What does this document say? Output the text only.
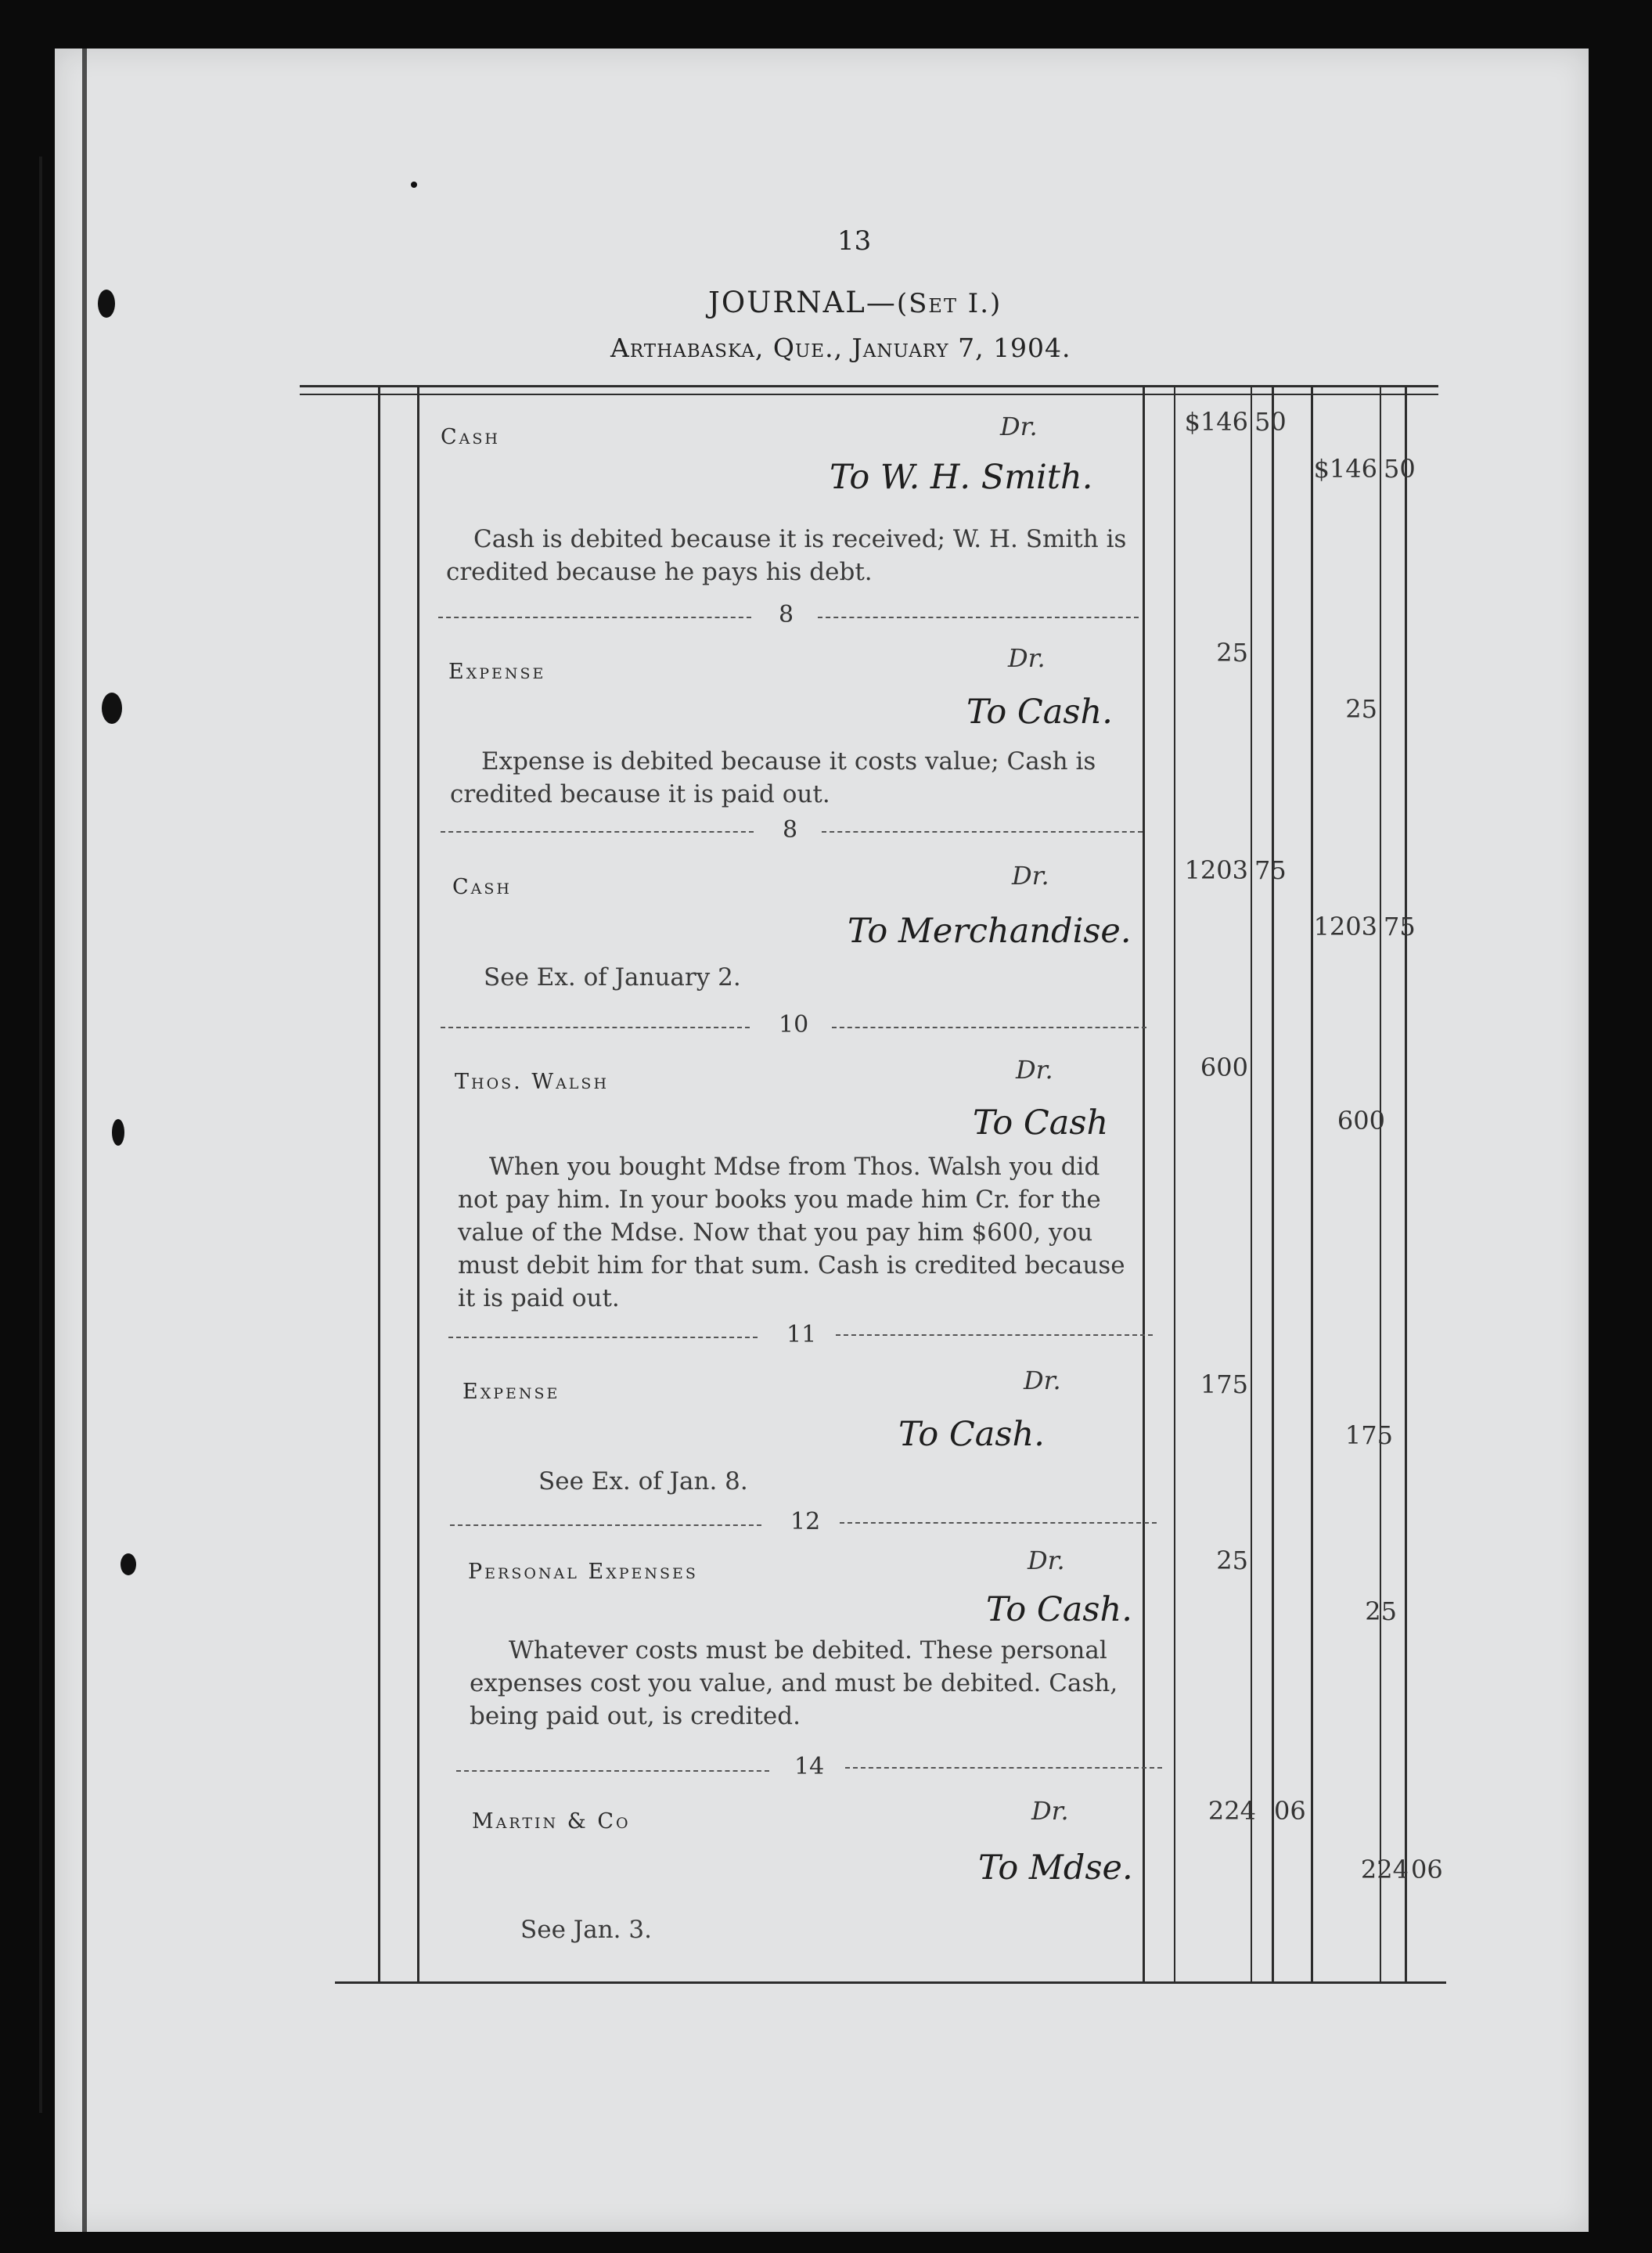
13
JOURNAL—(Set I.)
Arthabaska, Que., January 7, 1904.
Cash	Dr.	$146 50
To W. H. Smith.	$146 50
Cash is debited because it is received; W. H. Smith is credited because he pays his debt.
8
Expense	Dr.	25
To Cash.	25
Expense is debited because it costs value; Cash is credited because it is paid out.
8
Cash	Dr.	1203 75
To Merchandise.	1203 75
See Ex. of January 2.
10
Thos. Walsh	Dr.	600
To Cash	600
When you bought Mdse from Thos. Walsh you did not pay him. In your books you made him Cr. for the value of the Mdse. Now that you pay him $600, you must debit him for that sum. Cash is credited because it is paid out.
11
Expense	Dr.	175
To Cash.	175
See Ex. of Jan. 8.
12
Personal Expenses	Dr.	25
To Cash.	25
Whatever costs must be debited. These personal expenses cost you value, and must be debited. Cash, being paid out, is credited.
14
Martin & Co	Dr.	224 06
To Mdse.	224 06
See Jan. 3.
